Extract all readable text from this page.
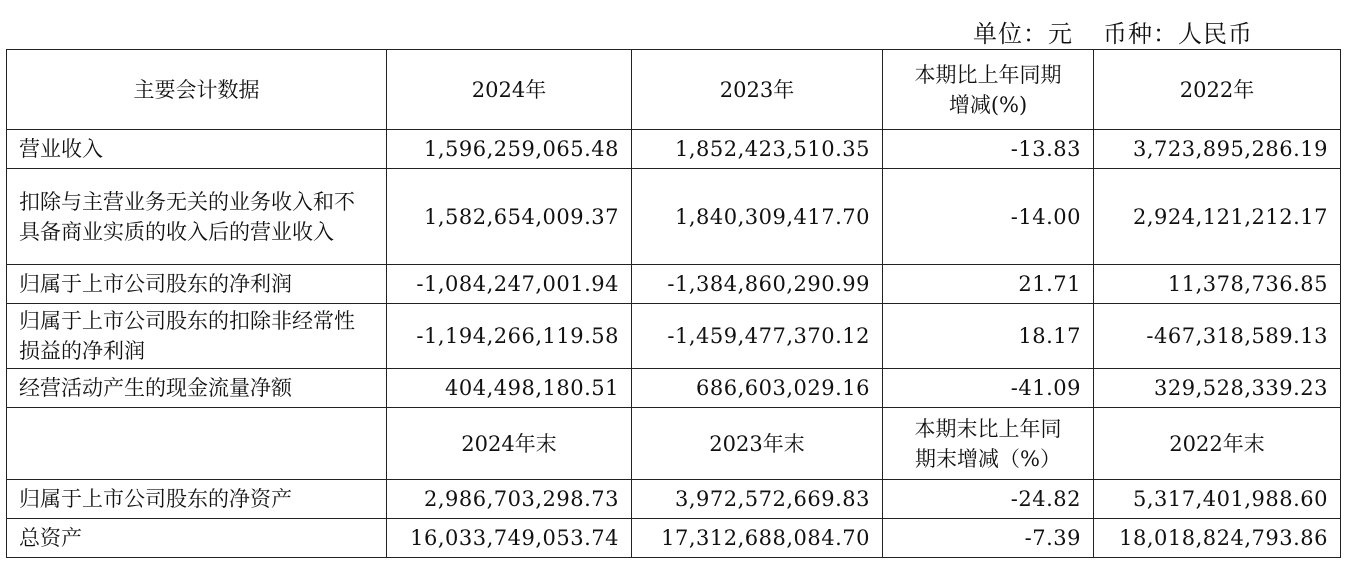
单位：元 币种：人民币
主要会计数据	2024年	2023年	本期比上年同期增减(%)	2022年
营业收入	1,596,259,065.48	1,852,423,510.35	-13.83	3,723,895,286.19
扣除与主营业务无关的业务收入和不具备商业实质的收入后的营业收入	1,582,654,009.37	1,840,309,417.70	-14.00	2,924,121,212.17
归属于上市公司股东的净利润	-1,084,247,001.94	-1,384,860,290.99	21.71	11,378,736.85
归属于上市公司股东的扣除非经常性损益的净利润	-1,194,266,119.58	-1,459,477,370.12	18.17	-467,318,589.13
经营活动产生的现金流量净额	404,498,180.51	686,603,029.16	-41.09	329,528,339.23
	2024年末	2023年末	本期末比上年同期末增减（%）	2022年末
归属于上市公司股东的净资产	2,986,703,298.73	3,972,572,669.83	-24.82	5,317,401,988.60
总资产	16,033,749,053.74	17,312,688,084.70	-7.39	18,018,824,793.86
